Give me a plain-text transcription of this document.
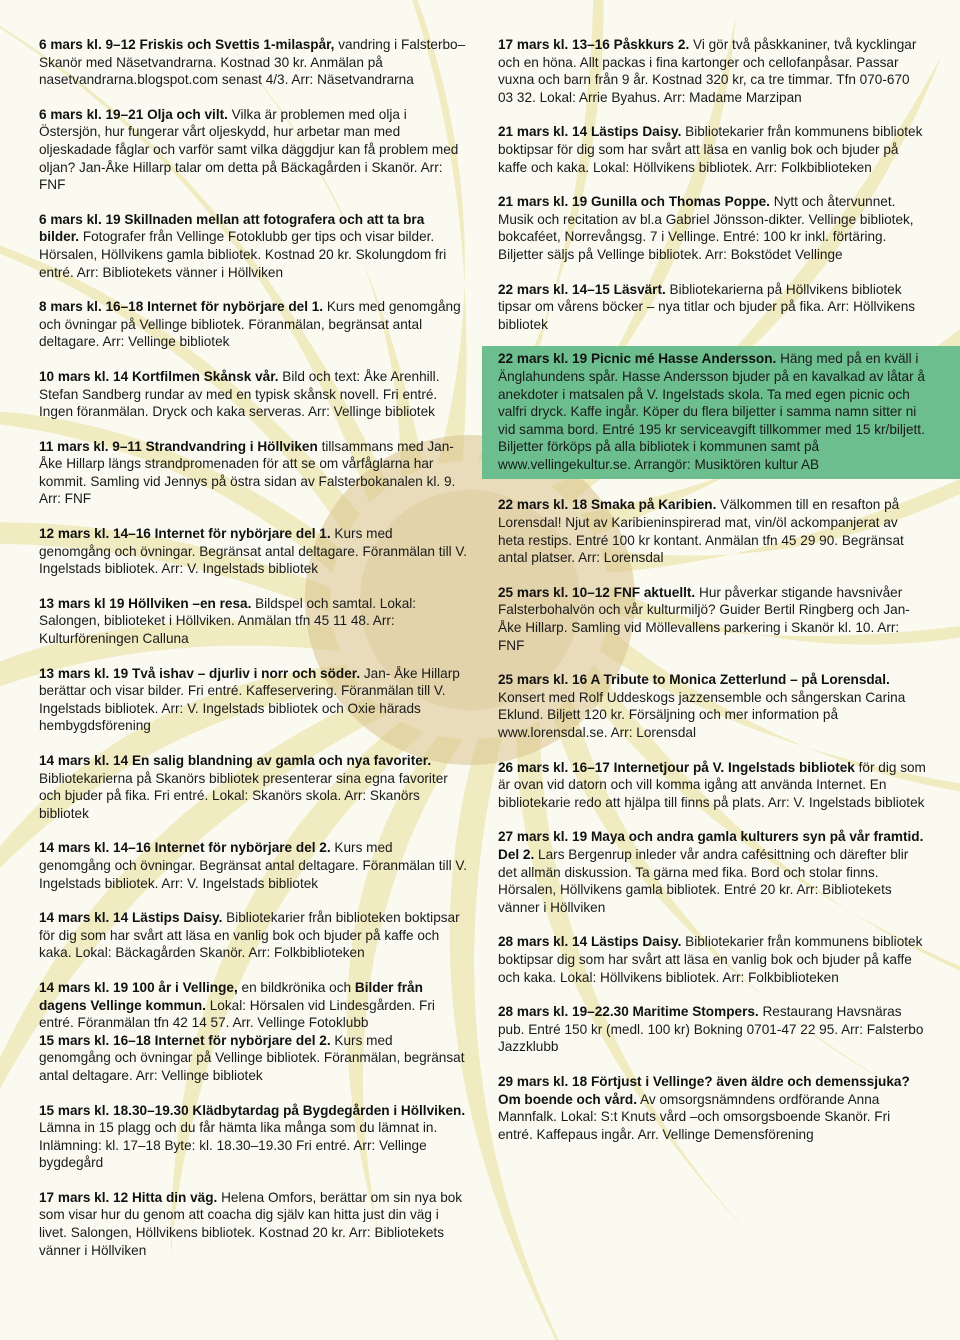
6 mars kl. 9–12 Friskis och Svettis 1-milaspår, vandring i Falsterbo–Skanör med Näsetvandrarna. Kostnad 30 kr. Anmälan på nasetvandrarna.blogspot.com senast 4/3. Arr: Näsetvandrarna
6 mars kl. 19–21 Olja och vilt. Vilka är problemen med olja i Östersjön, hur fungerar vårt oljeskydd, hur arbetar man med oljeskadade fåglar och varför samt vilka däggdjur kan få problem med oljan? Jan-Åke Hillarp talar om detta på Bäckagården i Skanör. Arr: FNF
6 mars kl. 19 Skillnaden mellan att fotografera och att ta bra bilder. Fotografer från Vellinge Fotoklubb ger tips och visar bilder. Hörsalen, Höllvikens gamla bibliotek. Kostnad 20 kr. Skolungdom fri entré. Arr: Bibliotekets vänner i Höllviken
8 mars kl. 16–18 Internet för nybörjare del 1. Kurs med genomgång och övningar på Vellinge bibliotek. Föranmälan, begränsat antal deltagare. Arr: Vellinge bibliotek
10 mars kl. 14 Kortfilmen Skånsk vår. Bild och text: Åke Arenhill. Stefan Sandberg rundar av med en typisk skånsk novell. Fri entré. Ingen föranmälan. Dryck och kaka serveras. Arr: Vellinge bibliotek
11 mars kl. 9–11 Strandvandring i Höllviken tillsammans med Jan-Åke Hillarp längs strandpromenaden för att se om vårfåglarna har kommit. Samling vid Jennys på östra sidan av Falsterbokanalen kl. 9. Arr: FNF
12 mars kl. 14–16 Internet för nybörjare del 1. Kurs med genomgång och övningar. Begränsat antal deltagare. Föranmälan till V. Ingelstads bibliotek. Arr: V. Ingelstads bibliotek
13 mars kl 19 Höllviken –en resa. Bildspel och samtal. Lokal: Salongen, biblioteket i Höllviken. Anmälan tfn 45 11 48. Arr: Kulturföreningen Calluna
13 mars kl. 19 Två ishav – djurliv i norr och söder. Jan- Åke Hillarp berättar och visar bilder. Fri entré. Kaffeservering. Föranmälan till V. Ingelstads bibliotek. Arr: V. Ingelstads bibliotek och Oxie härads hembygdsförening
14 mars kl. 14 En salig blandning av gamla och nya favoriter. Bibliotekarierna på Skanörs bibliotek presenterar sina egna favoriter och bjuder på fika. Fri entré. Lokal: Skanörs skola. Arr: Skanörs bibliotek
14 mars kl. 14–16 Internet för nybörjare del 2. Kurs med genomgång och övningar. Begränsat antal deltagare. Föranmälan till V. Ingelstads bibliotek. Arr: V. Ingelstads bibliotek
14 mars kl. 14 Lästips Daisy. Bibliotekarier från biblioteken boktipsar för dig som har svårt att läsa en vanlig bok och bjuder på kaffe och kaka. Lokal: Bäckagården Skanör. Arr: Folkbiblioteken
14 mars kl. 19 100 år i Vellinge, en bildkrönika och Bilder från dagens Vellinge kommun. Lokal: Hörsalen vid Lindesgården. Fri entré. Föranmälan tfn 42 14 57. Arr. Vellinge Fotoklubb
15 mars kl. 16–18 Internet för nybörjare del 2. Kurs med genomgång och övningar på Vellinge bibliotek. Föranmälan, begränsat antal deltagare. Arr: Vellinge bibliotek
15 mars kl. 18.30–19.30 Klädbytardag på Bygdegården i Höllviken. Lämna in 15 plagg och du får hämta lika många som du lämnat in. Inlämning: kl. 17–18 Byte: kl. 18.30–19.30 Fri entré. Arr: Vellinge bygdegård
17 mars kl. 12 Hitta din väg. Helena Omfors, berättar om sin nya bok som visar hur du genom att coacha dig själv kan hitta just din väg i livet. Salongen, Höllvikens bibliotek. Kostnad 20 kr. Arr: Bibliotekets vänner i Höllviken
17 mars kl. 13–16 Påskkurs 2. Vi gör två påskkaniner, två kycklingar och en höna. Allt packas i fina kartonger och cellofanpåsar. Passar vuxna och barn från 9 år. Kostnad 320 kr, ca tre timmar. Tfn 070-670 03 32. Lokal: Arrie Byahus. Arr: Madame Marzipan
21 mars kl. 14 Lästips Daisy. Bibliotekarier från kommunens bibliotek boktipsar för dig som har svårt att läsa en vanlig bok och bjuder på kaffe och kaka. Lokal: Höllvikens bibliotek. Arr: Folkbiblioteken
21 mars kl. 19 Gunilla och Thomas Poppe. Nytt och återvunnet. Musik och recitation av bl.a Gabriel Jönsson-dikter. Vellinge bibliotek, bokcaféet, Norrevångsg. 7 i Vellinge. Entré: 100 kr inkl. förtäring. Biljetter säljs på Vellinge bibliotek. Arr: Bokstödet Vellinge
22 mars kl. 14–15 Läsvärt. Bibliotekarierna på Höllvikens bibliotek tipsar om vårens böcker – nya titlar och bjuder på fika. Arr: Höllvikens bibliotek
22 mars kl. 19 Picnic mé Hasse Andersson. Häng med på en kväll i Änglahundens spår. Hasse Andersson bjuder på en kavalkad av låtar å anekdoter i matsalen på V. Ingelstads skola. Ta med egen picnic och valfri dryck. Kaffe ingår. Köper du flera biljetter i samma namn sitter ni vid samma bord. Entré 195 kr serviceavgift tillkommer med 15 kr/biljett. Biljetter förköps på alla bibliotek i kommunen samt på www.vellingekultur.se. Arrangör: Musiktören kultur AB
22 mars kl. 18 Smaka på Karibien. Välkommen till en resafton på Lorensdal! Njut av Karibieninspirerad mat, vin/öl ackompanjerat av heta restips. Entré 100 kr kontant. Anmälan tfn 45 29 90. Begränsat antal platser. Arr: Lorensdal
25 mars kl. 10–12 FNF aktuellt. Hur påverkar stigande havsnivåer Falsterbohalvön och vår kulturmiljö? Guider Bertil Ringberg och Jan-Åke Hillarp. Samling vid Möllevallens parkering i Skanör kl. 10. Arr: FNF
25 mars kl. 16 A Tribute to Monica Zetterlund – på Lorensdal. Konsert med Rolf Uddeskogs jazzensemble och sångerskan Carina Eklund. Biljett 120 kr. Försäljning och mer information på www.lorensdal.se. Arr: Lorensdal
26 mars kl. 16–17 Internetjour på V. Ingelstads bibliotek för dig som är ovan vid datorn och vill komma igång att använda Internet. En bibliotekarie redo att hjälpa till finns på plats. Arr: V. Ingelstads bibliotek
27 mars kl. 19 Maya och andra gamla kulturers syn på vår framtid. Del 2. Lars Bergenrup inleder vår andra cafésittning och därefter blir det allmän diskussion. Ta gärna med fika. Bord och stolar finns. Hörsalen, Höllvikens gamla bibliotek. Entré 20 kr. Arr: Bibliotekets vänner i Höllviken
28 mars kl. 14 Lästips Daisy. Bibliotekarier från kommunens bibliotek boktipsar dig som har svårt att läsa en vanlig bok och bjuder på kaffe och kaka. Lokal: Höllvikens bibliotek. Arr: Folkbiblioteken
28 mars kl. 19–22.30 Maritime Stompers. Restaurang Havsnäras pub. Entré 150 kr (medl. 100 kr) Bokning 0701-47 22 95. Arr: Falsterbo Jazzklubb
29 mars kl. 18 Förtjust i Vellinge? även äldre och demenssjuka? Om boende och vård. Av omsorgsnämndens ordförande Anna Mannfalk. Lokal: S:t Knuts vård –och omsorgsboende Skanör. Fri entré. Kaffepaus ingår. Arr. Vellinge Demensförening
